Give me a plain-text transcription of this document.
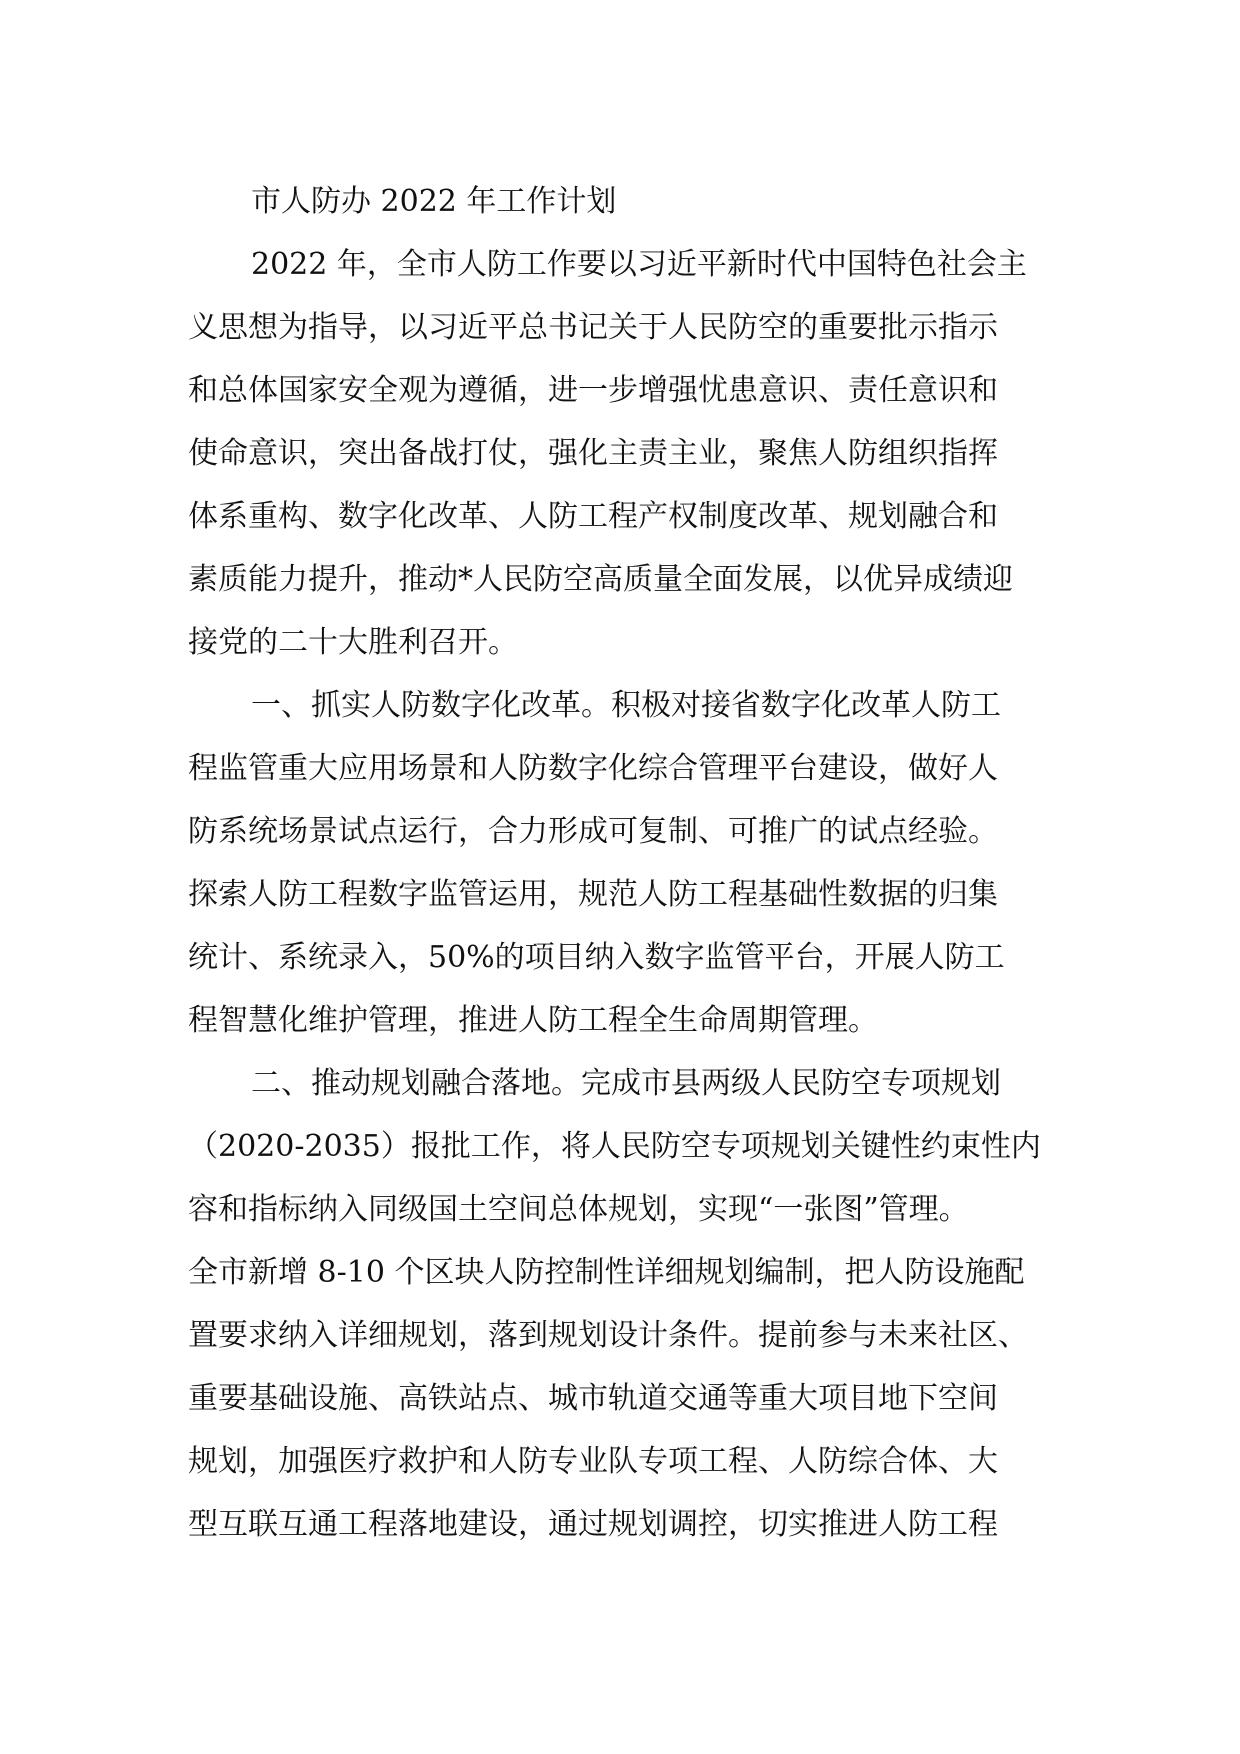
市人防办 2022 年工作计划

2022 年，全市人防工作要以习近平新时代中国特色社会主

义思想为指导，以习近平总书记关于人民防空的重要批示指示

和总体国家安全观为遵循，进一步增强忧患意识、责任意识和

使命意识，突出备战打仗，强化主责主业，聚焦人防组织指挥

体系重构、数字化改革、人防工程产权制度改革、规划融合和

素质能力提升，推动*人民防空高质量全面发展，以优异成绩迎

接党的二十大胜利召开。

一、抓实人防数字化改革。积极对接省数字化改革人防工

程监管重大应用场景和人防数字化综合管理平台建设，做好人

防系统场景试点运行，合力形成可复制、可推广的试点经验。

探索人防工程数字监管运用，规范人防工程基础性数据的归集

统计、系统录入，50%的项目纳入数字监管平台，开展人防工

程智慧化维护管理，推进人防工程全生命周期管理。

二、推动规划融合落地。完成市县两级人民防空专项规划

（2020-2035）报批工作，将人民防空专项规划关键性约束性内

容和指标纳入同级国土空间总体规划，实现“一张图”管理。

全市新增 8-10 个区块人防控制性详细规划编制，把人防设施配

置要求纳入详细规划，落到规划设计条件。提前参与未来社区、

重要基础设施、高铁站点、城市轨道交通等重大项目地下空间

规划，加强医疗救护和人防专业队专项工程、人防综合体、大

型互联互通工程落地建设，通过规划调控，切实推进人防工程
